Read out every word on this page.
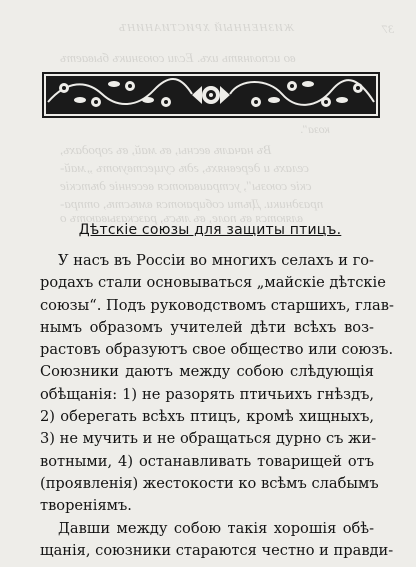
ЖИЗНЕННЫЙ ХРИСТИАНИНЪ	37
во исполнять ихъ. Если союзникъ бываетъ
коза".
Въ началѣ весны, въ май, въ городахъ,
селахъ и деревняхъ, гдѣ существуютъ „май-
скіе союзы", устраиваются весенніе дѣтскіе
праздники. Дѣти собираются вмѣстѣ, отпра-
вляются въ поле, въ лѣсъ, разсказываютъ о
Дѣтскіе союзы для защиты птицъ.
У насъ въ Россіи во многихъ селахъ и го-
родахъ стали основываться „майскіе дѣтскіе
союзы“. Подъ руководствомъ старшихъ, глав-
нымъ образомъ учителей дѣти всѣхъ воз-
растовъ образуютъ свое общество или союзъ.
Союзники даютъ между собою слѣдующія
обѣщанія: 1) не разорять птичьихъ гнѣздъ,
2) оберегать всѣхъ птицъ, кромѣ хищныхъ,
3) не мучить и не обращаться дурно съ жи-
вотными, 4) останавливать товарищей отъ
(проявленія) жестокости ко всѣмъ слабымъ
твореніямъ.
Давши между собою такія хорошія обѣ-
щанія, союзники стараются честно и правди-
